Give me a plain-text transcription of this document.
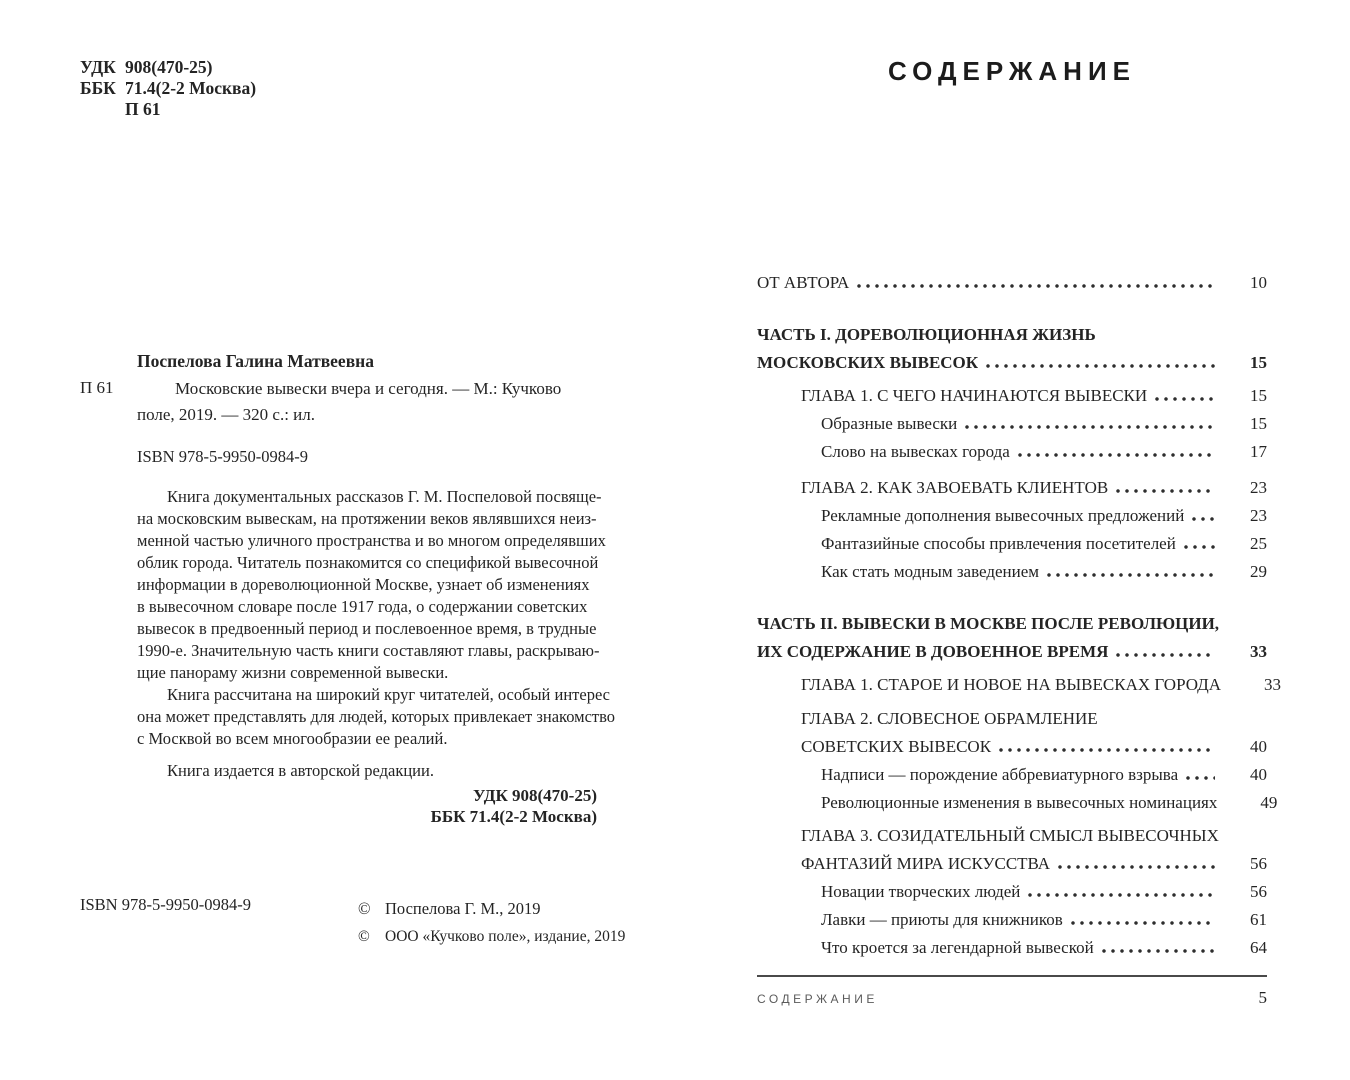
УДК 908(470-25)
ББК 71.4(2-2 Москва)
П 61
Поспелова Галина Матвеевна
П 61	Московские вывески вчера и сегодня. — М.: Кучково
поле, 2019. — 320 с.: ил.
ISBN 978-5-9950-0984-9
Книга документальных рассказов Г. М. Поспеловой посвяще-
на московским вывескам, на протяжении веков являвшихся неиз-
менной частью уличного пространства и во многом определявших
облик города. Читатель познакомится со спецификой вывесочной
информации в дореволюционной Москве, узнает об изменениях
в вывесочном словаре после 1917 года, о содержании советских
вывесок в предвоенный период и послевоенное время, в трудные
1990-е. Значительную часть книги составляют главы, раскрываю-
щие панораму жизни современной вывески.
Книга рассчитана на широкий круг читателей, особый интерес
она может представлять для людей, которых привлекает знакомство
с Москвой во всем многообразии ее реалий.
Книга издается в авторской редакции.
УДК 908(470-25)
ББК 71.4(2-2 Москва)
ISBN 978-5-9950-0984-9	© Поспелова Г. М., 2019
© ООО «Кучково поле», издание, 2019
СОДЕРЖАНИЕ
ОТ АВТОРА	10
ЧАСТЬ I. ДОРЕВОЛЮЦИОННАЯ ЖИЗНЬ
МОСКОВСКИХ ВЫВЕСОК	15
ГЛАВА 1. С ЧЕГО НАЧИНАЮТСЯ ВЫВЕСКИ	15
Образные вывески	15
Слово на вывесках города	17
ГЛАВА 2. КАК ЗАВОЕВАТЬ КЛИЕНТОВ	23
Рекламные дополнения вывесочных предложений	23
Фантазийные способы привлечения посетителей	25
Как стать модным заведением	29
ЧАСТЬ II. ВЫВЕСКИ В МОСКВЕ ПОСЛЕ РЕВОЛЮЦИИ,
ИХ СОДЕРЖАНИЕ В ДОВОЕННОЕ ВРЕМЯ	33
ГЛАВА 1. СТАРОЕ И НОВОЕ НА ВЫВЕСКАХ ГОРОДА	33
ГЛАВА 2. СЛОВЕСНОЕ ОБРАМЛЕНИЕ
СОВЕТСКИХ ВЫВЕСОК	40
Надписи — порождение аббревиатурного взрыва	40
Революционные изменения в вывесочных номинациях	49
ГЛАВА 3. СОЗИДАТЕЛЬНЫЙ СМЫСЛ ВЫВЕСОЧНЫХ
ФАНТАЗИЙ МИРА ИСКУССТВА	56
Новации творческих людей	56
Лавки — приюты для книжников	61
Что кроется за легендарной вывеской	64
СОДЕРЖАНИЕ	5
